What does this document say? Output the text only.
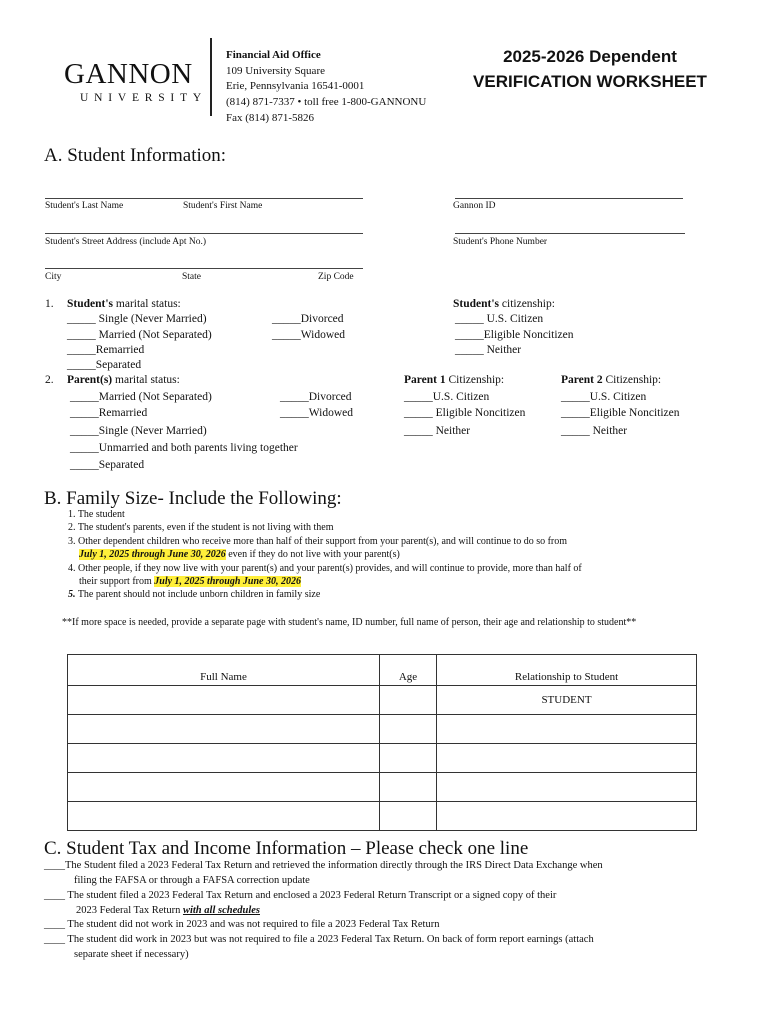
GANNON
UNIVERSITY
Financial Aid Office
109 University Square
Erie, Pennsylvania 16541-0001
(814) 871-7337 • toll free 1-800-GANNONU
Fax (814) 871-5826
2025-2026 Dependent
VERIFICATION WORKSHEET
A. Student Information:
Student's Last Name	Student's First Name	Gannon ID
Student's Street Address (include Apt No.)	Student's Phone Number
City	State	Zip Code
1. Student's marital status:
_____ Single (Never Married)
_____ Married (Not Separated)
_____Remarried
_____Separated
_____Divorced
_____Widowed
Student's citizenship:
_____ U.S. Citizen
_____Eligible Noncitizen
_____ Neither
2. Parent(s) marital status:
_____Married (Not Separated)
_____Remarried
_____Single (Never Married)
_____Unmarried and both parents living together
_____Separated
_____Divorced
_____Widowed
Parent 1 Citizenship:
_____U.S. Citizen
_____ Eligible Noncitizen
_____ Neither
Parent 2 Citizenship:
_____U.S. Citizen
_____Eligible Noncitizen
_____ Neither
B. Family Size- Include the Following:
1. The student
2. The student's parents, even if the student is not living with them
3. Other dependent children who receive more than half of their support from your parent(s), and will continue to do so from
July 1, 2025 through June 30, 2026 even if they do not live with your parent(s)
4. Other people, if they now live with your parent(s) and your parent(s) provides, and will continue to provide, more than half of
their support from July 1, 2025 through June 30, 2026
5. The parent should not include unborn children in family size
**If more space is needed, provide a separate page with student's name, ID number, full name of person, their age and relationship to student**
Full Name	Age	Relationship to Student
		STUDENT

C. Student Tax and Income Information – Please check one line
____The Student filed a 2023 Federal Tax Return and retrieved the information directly through the IRS Direct Data Exchange when
filing the FAFSA or through a FAFSA correction update
____ The student filed a 2023 Federal Tax Return and enclosed a 2023 Federal Return Transcript or a signed copy of their
2023 Federal Tax Return with all schedules
____ The student did not work in 2023 and was not required to file a 2023 Federal Tax Return
____ The student did work in 2023 but was not required to file a 2023 Federal Tax Return. On back of form report earnings (attach
separate sheet if necessary)
